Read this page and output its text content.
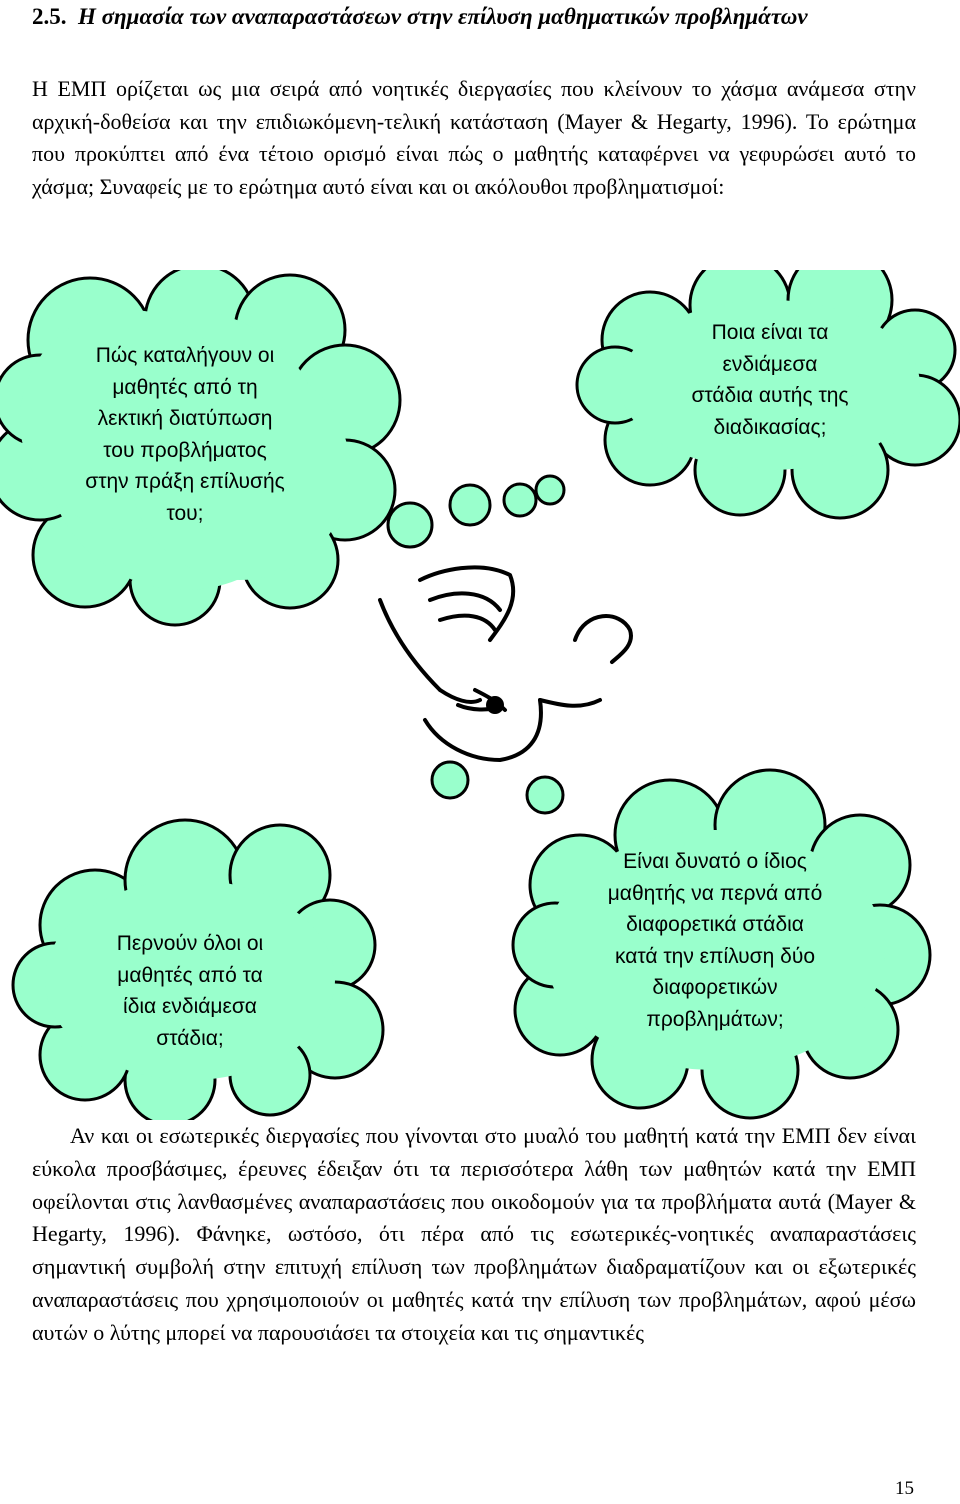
2.5. Η σημασία των αναπαραστάσεων στην επίλυση μαθηματικών προβλημάτων

Η ΕΜΠ ορίζεται ως μια σειρά από νοητικές διεργασίες που κλείνουν το χάσμα ανάμεσα στην αρχική-δοθείσα και την επιδιωκόμενη-τελική κατάσταση (Mayer & Hegarty, 1996). Το ερώτημα που προκύπτει από ένα τέτοιο ορισμό είναι πώς ο μαθητής καταφέρνει να γεφυρώσει αυτό το χάσμα; Συναφείς με το ερώτημα αυτό είναι και οι ακόλουθοι προβληματισμοί:

Πώς καταλήγουν οι
μαθητές από τη
λεκτική διατύπωση
του προβλήματος
στην πράξη επίλυσής
του;
Ποια είναι τα
ενδιάμεσα
στάδια αυτής της
διαδικασίας;
Περνούν όλοι οι
μαθητές από τα
ίδια ενδιάμεσα
στάδια;
Είναι δυνατό ο ίδιος
μαθητής να περνά από
διαφορετικά στάδια
κατά την επίλυση δύο
διαφορετικών
προβλημάτων;

Αν και οι εσωτερικές διεργασίες που γίνονται στο μυαλό του μαθητή κατά την ΕΜΠ δεν είναι εύκολα προσβάσιμες, έρευνες έδειξαν ότι τα περισσότερα λάθη των μαθητών κατά την ΕΜΠ οφείλονται στις λανθασμένες αναπαραστάσεις που οικοδομούν για τα προβλήματα αυτά (Mayer & Hegarty, 1996). Φάνηκε, ωστόσο, ότι πέρα από τις εσωτερικές-νοητικές αναπαραστάσεις σημαντική συμβολή στην επιτυχή επίλυση των προβλημάτων διαδραματίζουν και οι εξωτερικές αναπαραστάσεις που χρησιμοποιούν οι μαθητές κατά την επίλυση των προβλημάτων, αφού μέσω αυτών ο λύτης μπορεί να παρουσιάσει τα στοιχεία και τις σημαντικές

15
